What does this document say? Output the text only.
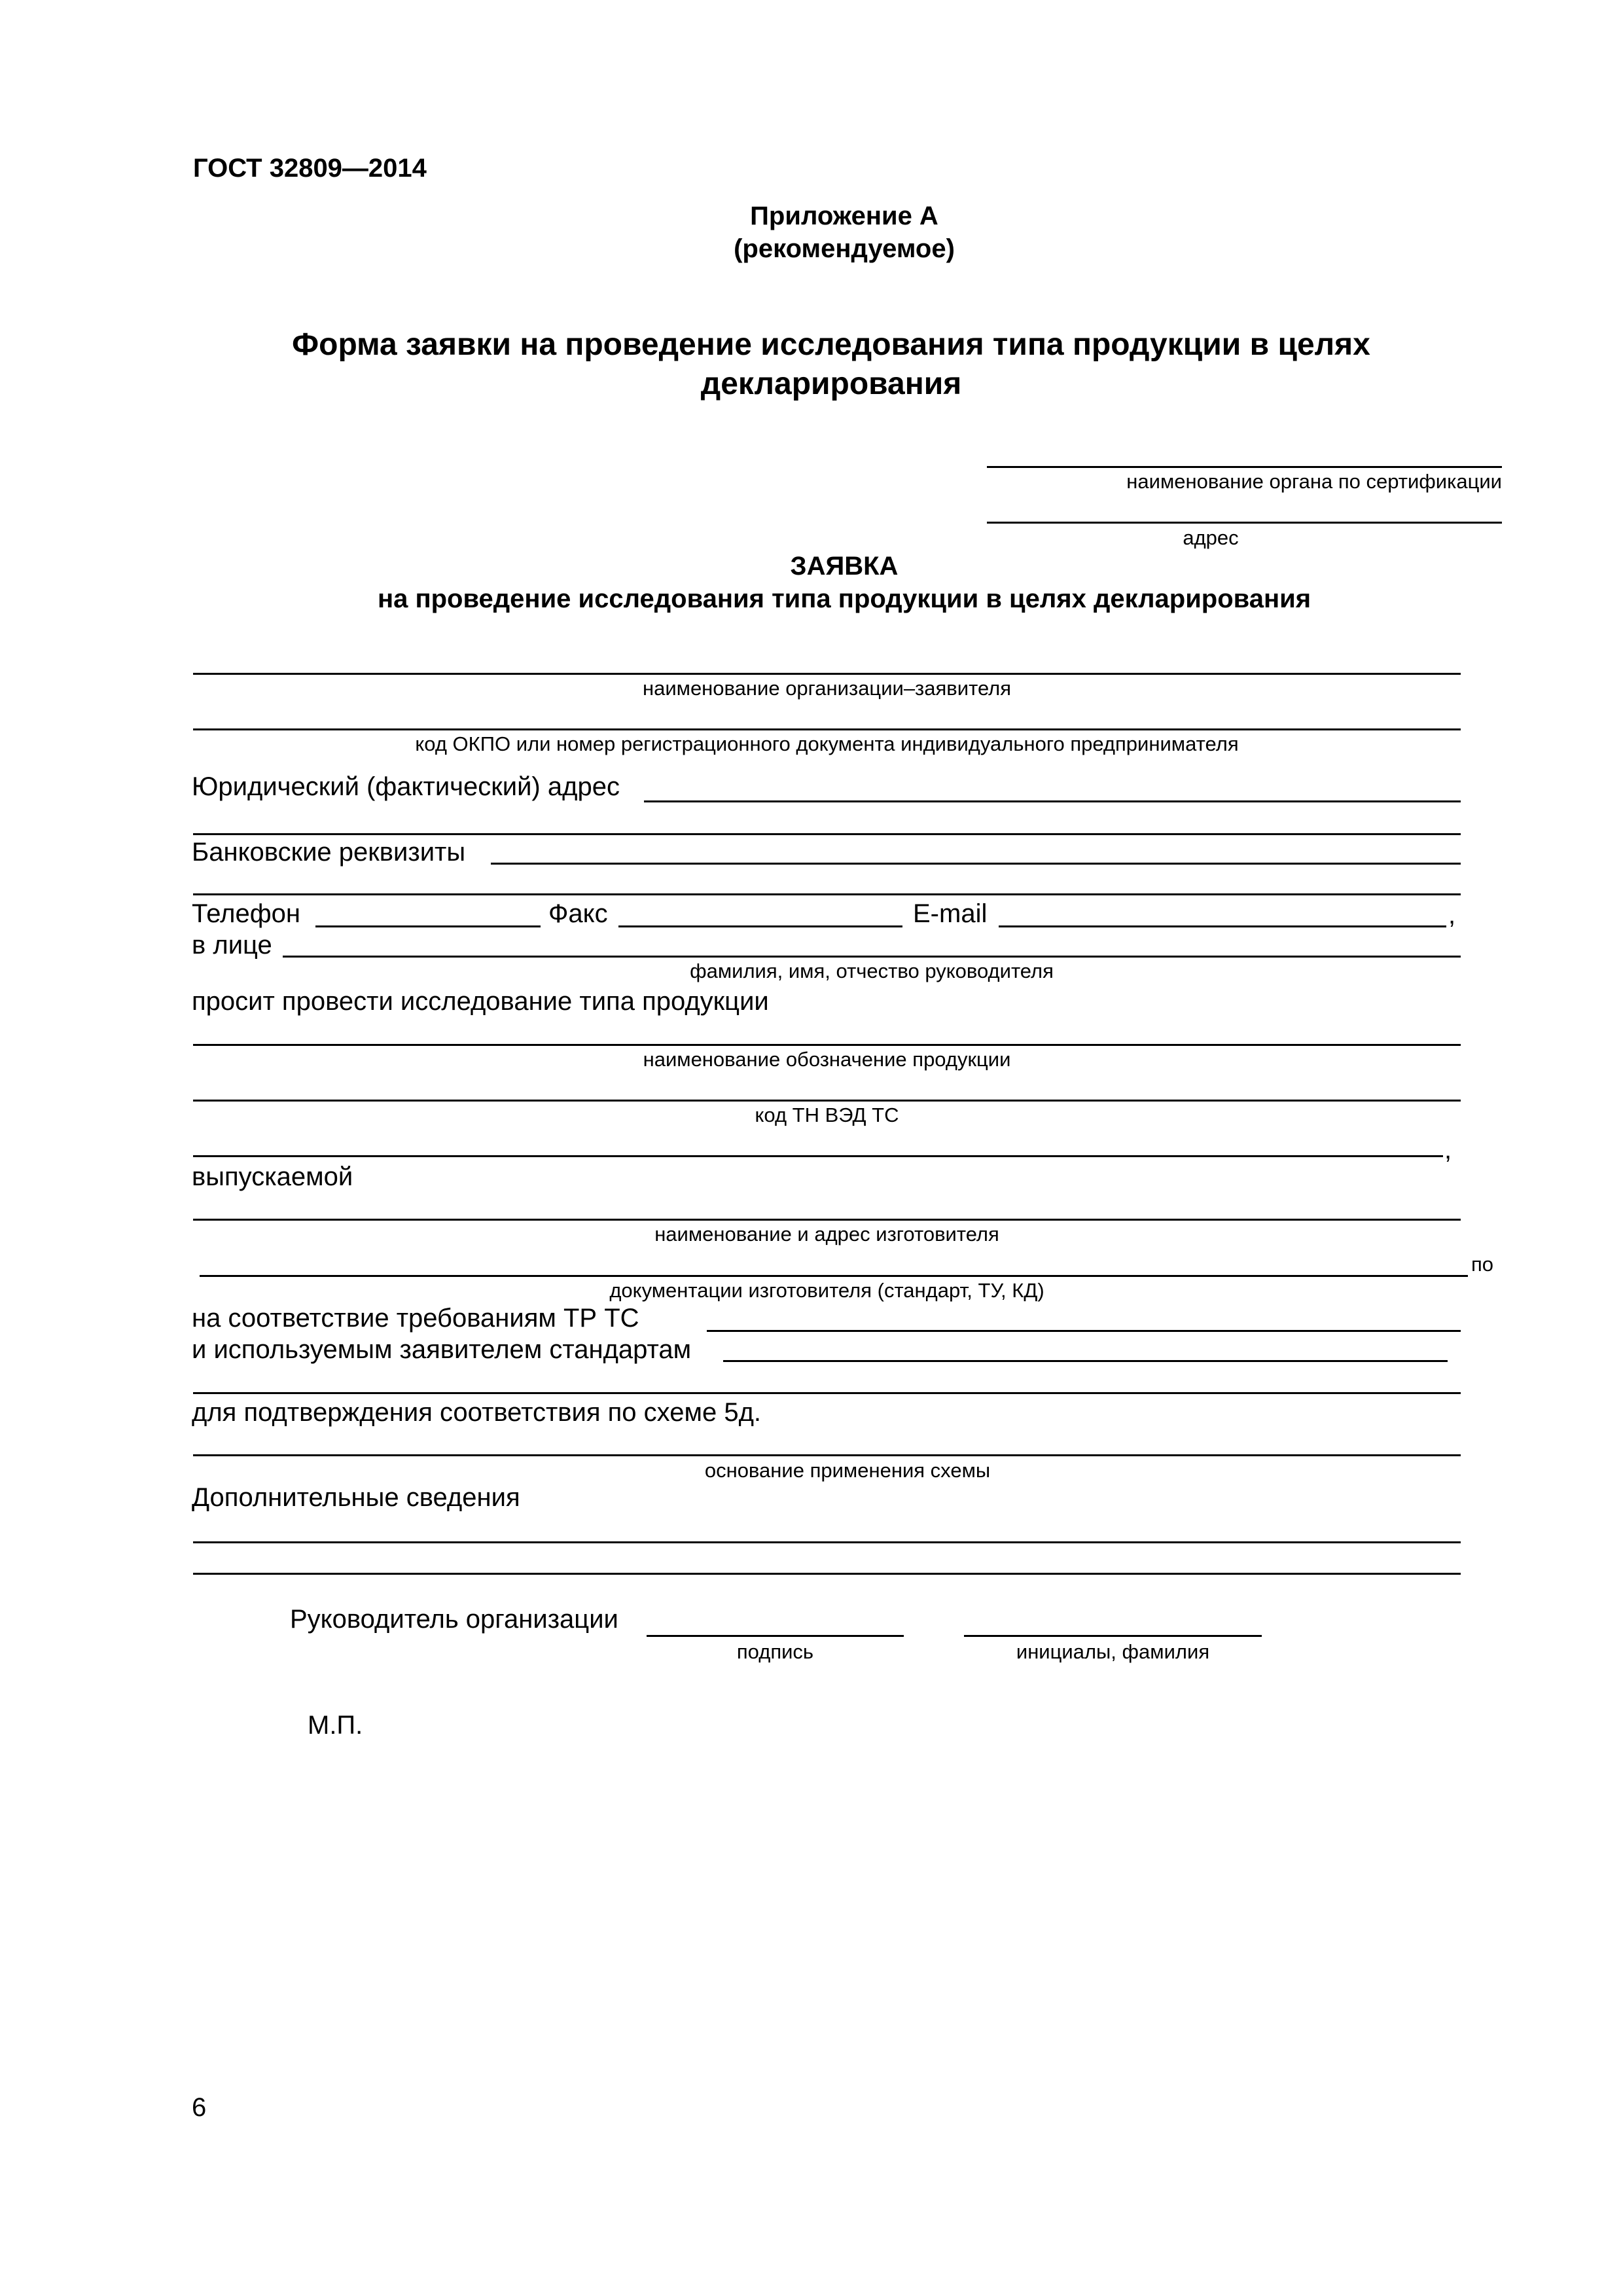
ГОСТ 32809—2014
Приложение А
(рекомендуемое)
Форма заявки на проведение исследования типа продукции в целях
декларирования
наименование органа по сертификации
адрес
ЗАЯВКА
на проведение исследования типа продукции в целях декларирования
наименование организации–заявителя
код ОКПО или номер регистрационного документа индивидуального предпринимателя
Юридический (фактический) адрес
Банковские реквизиты
Телефон	Факс	E-mail	,
в лице
фамилия, имя, отчество руководителя
просит провести исследование типа продукции
наименование обозначение продукции
код ТН ВЭД ТС
,
выпускаемой
наименование и адрес изготовителя
по
документации изготовителя (стандарт, ТУ, КД)
на соответствие требованиям ТР ТС
и используемым заявителем стандартам
для подтверждения соответствия по схеме 5д.
основание применения схемы
Дополнительные сведения
Руководитель организации
подпись	инициалы, фамилия
М.П.
6
